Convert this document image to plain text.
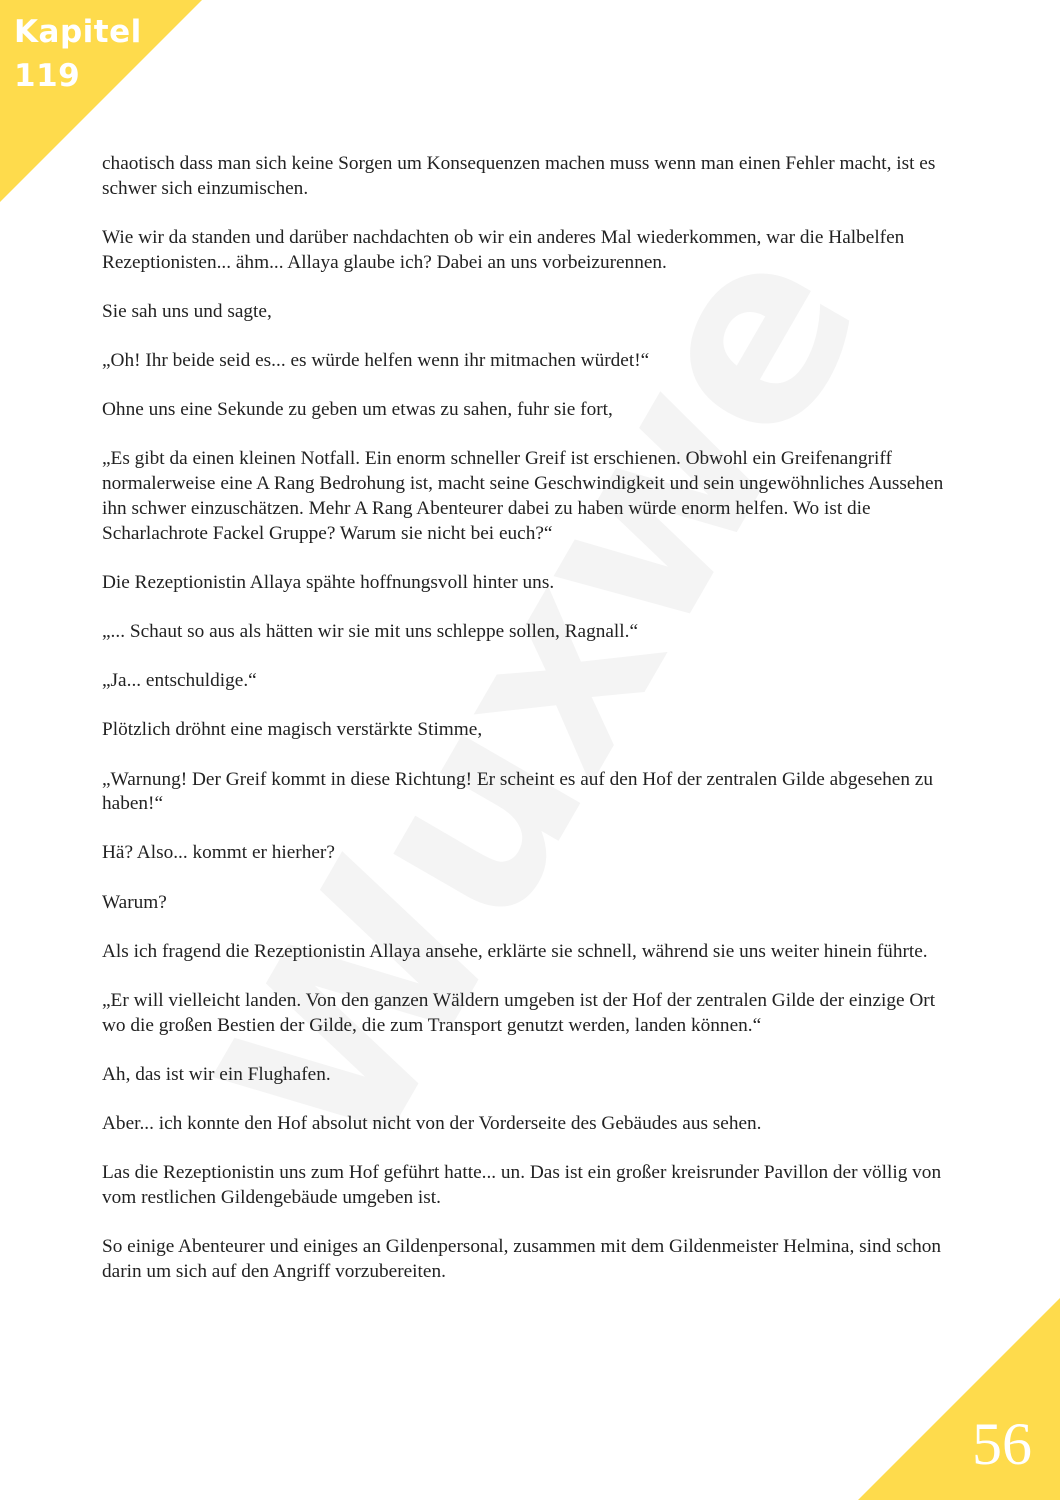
Kapitel
119

chaotisch dass man sich keine Sorgen um Konsequenzen machen muss wenn man einen Fehler macht, ist es schwer sich einzumischen.

Wie wir da standen und darüber nachdachten ob wir ein anderes Mal wiederkommen, war die Halbelfen Rezeptionisten... ähm... Allaya glaube ich? Dabei an uns vorbeizurennen.

Sie sah uns und sagte,

„Oh! Ihr beide seid es... es würde helfen wenn ihr mitmachen würdet!“

Ohne uns eine Sekunde zu geben um etwas zu sahen, fuhr sie fort,

„Es gibt da einen kleinen Notfall. Ein enorm schneller Greif ist erschienen. Obwohl ein Greifenangriff normalerweise eine A Rang Bedrohung ist, macht seine Geschwindigkeit und sein ungewöhnliches Aussehen ihn schwer einzuschätzen. Mehr A Rang Abenteurer dabei zu haben würde enorm helfen. Wo ist die Scharlachrote Fackel Gruppe? Warum sie nicht bei euch?“

Die Rezeptionistin Allaya spähte hoffnungsvoll hinter uns.

„... Schaut so aus als hätten wir sie mit uns schleppe sollen, Ragnall.“

„Ja... entschuldige.“

Plötzlich dröhnt eine magisch verstärkte Stimme,

„Warnung! Der Greif kommt in diese Richtung! Er scheint es auf den Hof der zentralen Gilde abgesehen zu haben!“

Hä? Also... kommt er hierher?

Warum?

Als ich fragend die Rezeptionistin Allaya ansehe, erklärte sie schnell, während sie uns weiter hinein führte.

„Er will vielleicht landen. Von den ganzen Wäldern umgeben ist der Hof der zentralen Gilde der einzige Ort wo die großen Bestien der Gilde, die zum Transport genutzt werden, landen können.“

Ah, das ist wir ein Flughafen.

Aber... ich konnte den Hof absolut nicht von der Vorderseite des Gebäudes aus sehen.

Las die Rezeptionistin uns zum Hof geführt hatte... un. Das ist ein großer kreisrunder Pavillon der völlig von vom restlichen Gildengebäude umgeben ist.

So einige Abenteurer und einiges an Gildenpersonal, zusammen mit dem Gildenmeister Helmina, sind schon darin um sich auf den Angriff vorzubereiten.

56
